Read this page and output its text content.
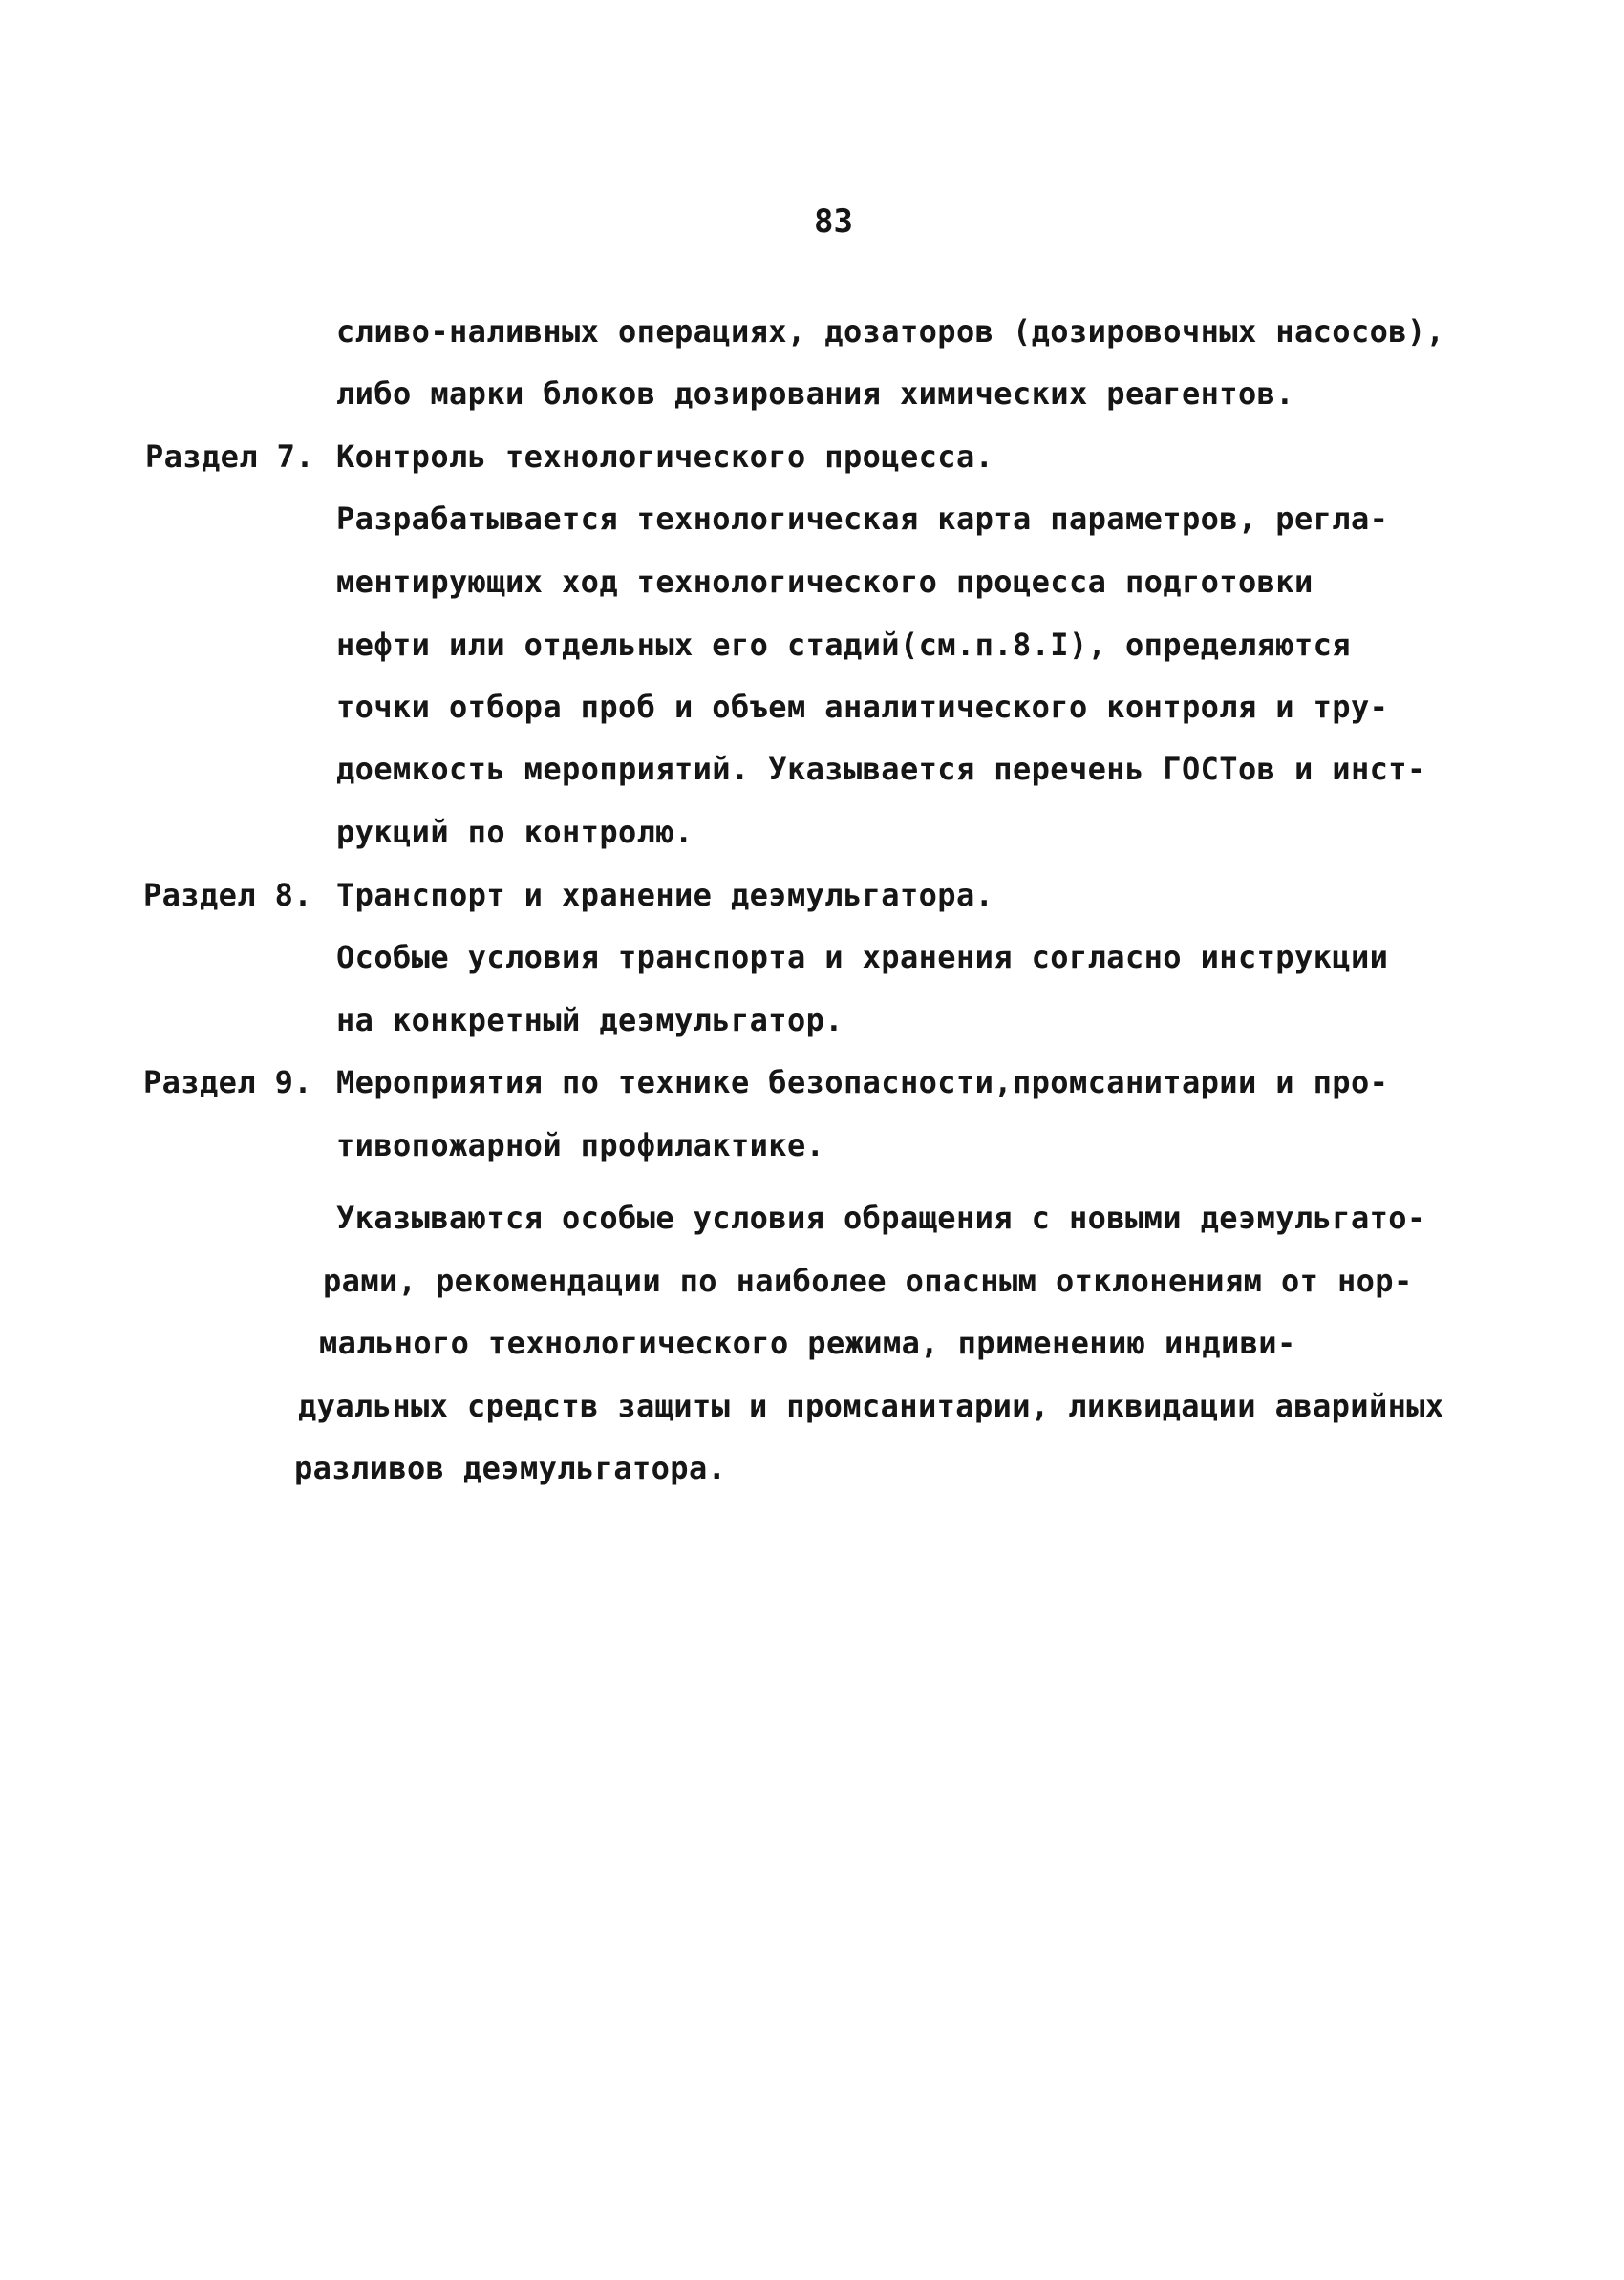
83

сливо-наливных операциях, дозаторов (дозировочных насосов),

либо марки блоков дозирования химических реагентов.

Раздел 7. Контроль технологического процесса.

Разрабатывается технологическая карта параметров, регла-

ментирующих ход технологического процесса подготовки

нефти или отдельных его стадий(см.п.8.I), определяются

точки отбора проб и объем аналитического контроля и тру-

доемкость мероприятий. Указывается перечень ГОСТов и инст-

рукций по контролю.

Раздел 8. Транспорт и хранение деэмульгатора.

Особые условия транспорта и хранения согласно инструкции

на конкретный деэмульгатор.

Раздел 9. Мероприятия по технике безопасности,промсанитарии и про-

тивопожарной профилактике.

Указываются особые условия обращения с новыми деэмульгато-

рами, рекомендации по наиболее опасным отклонениям от нор-

мального технологического режима, применению индиви-

дуальных средств защиты и промсанитарии, ликвидации аварийных

разливов деэмульгатора.
